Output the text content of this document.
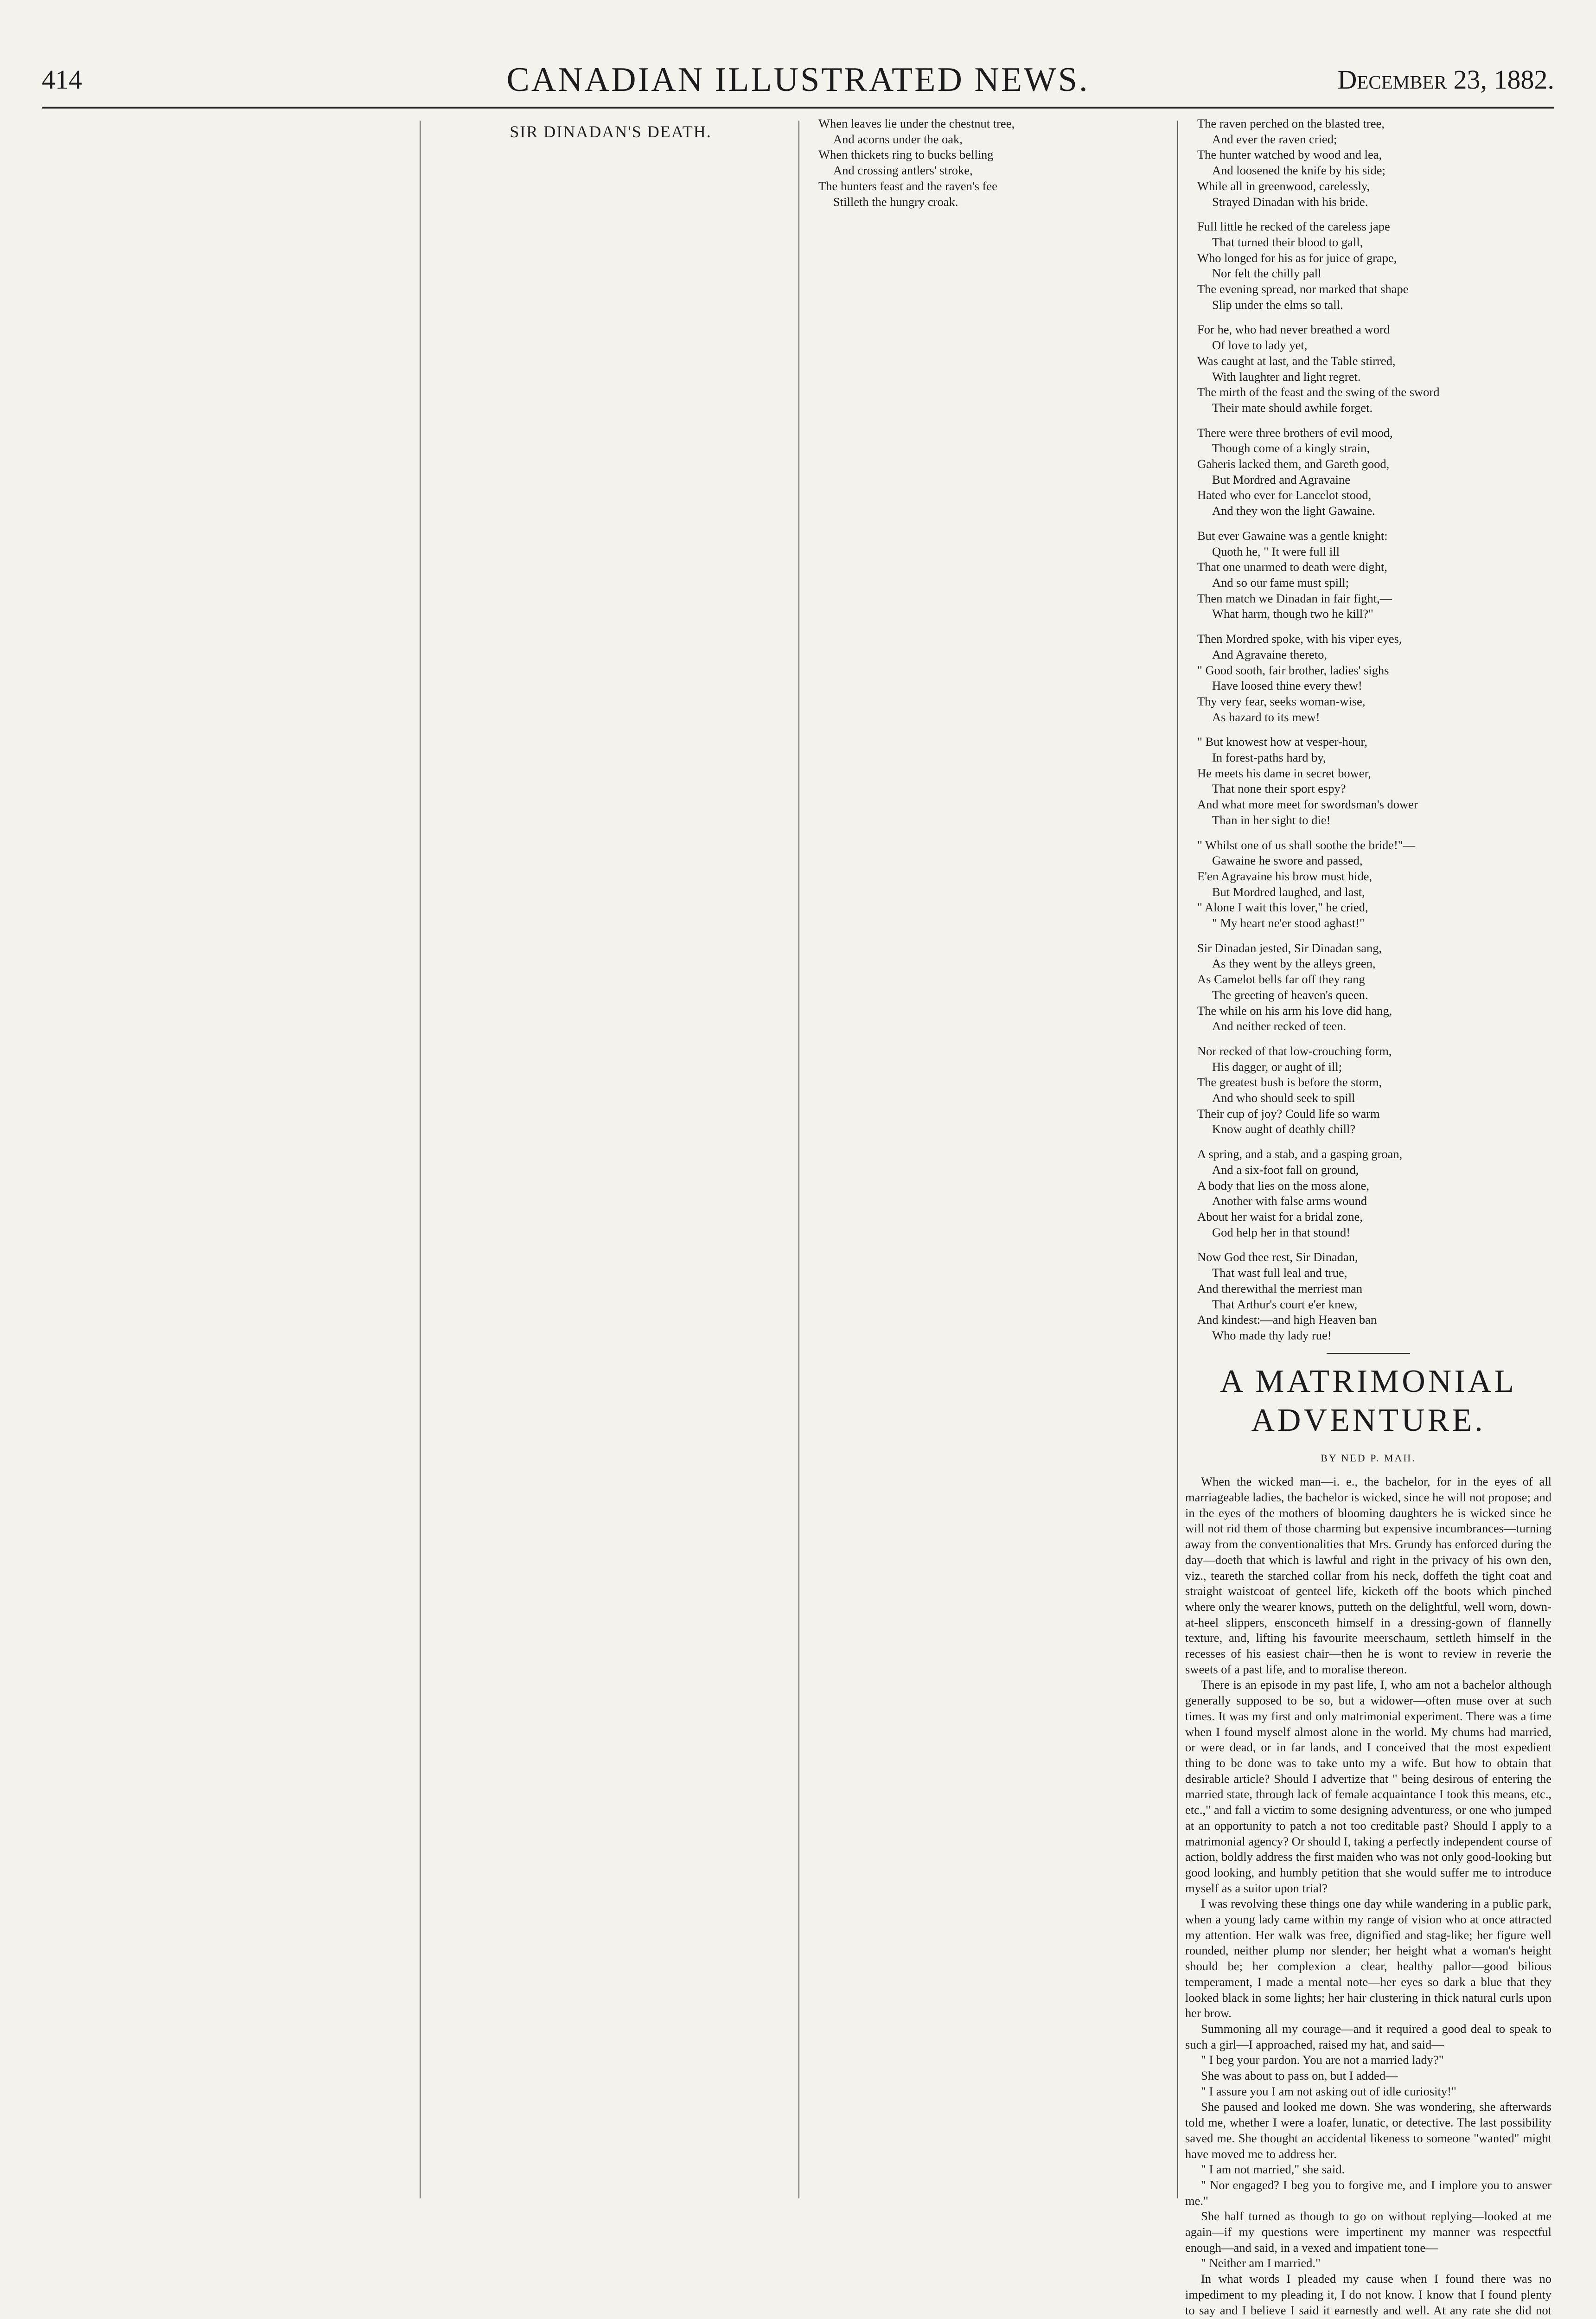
414	CANADIAN ILLUSTRATED NEWS.	December 23, 1882.
SIR DINADAN'S DEATH.	When leaves lie under the chestnut tree,
And acorns under the oak,
When thickets ring to bucks belling
And crossing antlers' stroke,
The hunters feast and the raven's fee
Stilleth the hungry croak.
The raven perched on the blasted tree,
And ever the raven cried;
The hunter watched by wood and lea,
And loosened the knife by his side;
While all in greenwood, carelessly,
Strayed Dinadan with his bride.
Full little he recked of the careless jape
That turned their blood to gall,
Who longed for his as for juice of grape,
Nor felt the chilly pall
The evening spread, nor marked that shape
Slip under the elms so tall.
For he, who had never breathed a word
Of love to lady yet,
Was caught at last, and the Table stirred,
With laughter and light regret.
The mirth of the feast and the swing of the sword
Their mate should awhile forget.
There were three brothers of evil mood,
Though come of a kingly strain,
Gaheris lacked them, and Gareth good,
But Mordred and Agravaine
Hated who ever for Lancelot stood,
And they won the light Gawaine.
But ever Gawaine was a gentle knight:
Quoth he, " It were full ill
That one unarmed to death were dight,
And so our fame must spill;
Then match we Dinadan in fair fight,—
What harm, though two he kill?"
Then Mordred spoke, with his viper eyes,
And Agravaine thereto,
" Good sooth, fair brother, ladies' sighs
Have loosed thine every thew!
Thy very fear, seeks woman-wise,
As hazard to its mew!
" But knowest how at vesper-hour,
In forest-paths hard by,
He meets his dame in secret bower,
That none their sport espy?
And what more meet for swordsman's dower
Than in her sight to die!
" Whilst one of us shall soothe the bride!"—
Gawaine he swore and passed,
E'en Agravaine his brow must hide,
But Mordred laughed, and last,
" Alone I wait this lover," he cried,
" My heart ne'er stood aghast!"
Sir Dinadan jested, Sir Dinadan sang,
As they went by the alleys green,
As Camelot bells far off they rang
The greeting of heaven's queen.
The while on his arm his love did hang,
And neither recked of teen.
Nor recked of that low-crouching form,
His dagger, or aught of ill;
The greatest bush is before the storm,
And who should seek to spill
Their cup of joy? Could life so warm
Know aught of deathly chill?
A spring, and a stab, and a gasping groan,
And a six-foot fall on ground,
A body that lies on the moss alone,
Another with false arms wound
About her waist for a bridal zone,
God help her in that stound!
Now God thee rest, Sir Dinadan,
That wast full leal and true,
And therewithal the merriest man
That Arthur's court e'er knew,
And kindest:—and high Heaven ban
Who made thy lady rue!
A MATRIMONIAL ADVENTURE.
BY NED P. MAH.

When the wicked man—i. e., the bachelor, for in the eyes of all marriageable ladies, the bachelor is wicked, since he will not propose; and in the eyes of the mothers of blooming daughters he is wicked since he will not rid them of those charming but expensive incumbrances—turning away from the conventionalities that Mrs. Grundy has enforced during the day—doeth that which is lawful and right in the privacy of his own den, viz., teareth the starched collar from his neck, doffeth the tight coat and straight waistcoat of genteel life, kicketh off the boots which pinched where only the wearer knows, putteth on the delightful, well worn, down-at-heel slippers, ensconceth himself in a dressing-gown of flannelly texture, and, lifting his favourite meerschaum, settleth himself in the recesses of his easiest chair—then he is wont to review in reverie the sweets of a past life, and to moralise thereon.

There is an episode in my past life, I, who am not a bachelor although generally supposed to be so, but a widower—often muse over at such times. It was my first and only matrimonial experiment. There was a time when I found myself almost alone in the world. My chums had married, or were dead, or in far lands, and I conceived that the most expedient thing to be done was to take unto my a wife. But how to obtain that desirable article? Should I advertize that " being desirous of entering the married state, through lack of female acquaintance I took this means, etc., etc.," and fall a victim to some designing adventuress, or one who jumped at an opportunity to patch a not too creditable past? Should I apply to a matrimonial agency? Or should I, taking a perfectly independent course of action, boldly address the first maiden who was not only good-looking but good looking, and humbly petition that she would suffer me to introduce myself as a suitor upon trial?

I was revolving these things one day while wandering in a public park, when a young lady came within my range of vision who at once attracted my attention. Her walk was free, dignified and stag-like; her figure well rounded, neither plump nor slender; her height what a woman's height should be; her complexion a clear, healthy pallor—good bilious temperament, I made a mental note—her eyes so dark a blue that they looked black in some lights; her hair clustering in thick natural curls upon her brow.

Summoning all my courage—and it required a good deal to speak to such a girl—I approached, raised my hat, and said—

" I beg your pardon. You are not a married lady?"

She was about to pass on, but I added—

" I assure you I am not asking out of idle curiosity!"

She paused and looked me down. She was wondering, she afterwards told me, whether I were a loafer, lunatic, or detective. The last possibility saved me. She thought an accidental likeness to someone "wanted" might have moved me to address her.

" I am not married," she said.

" Nor engaged? I beg you to forgive me, and I implore you to answer me."

She half turned as though to go on without replying—looked at me again—if my questions were impertinent my manner was respectful enough—and said, in a vexed and impatient tone—

" Neither am I married."

In what words I pleaded my cause when I found there was no impediment to my pleading it, I do not know. I know that I found plenty to say and I believe I said it earnestly and well. At any rate she did not
